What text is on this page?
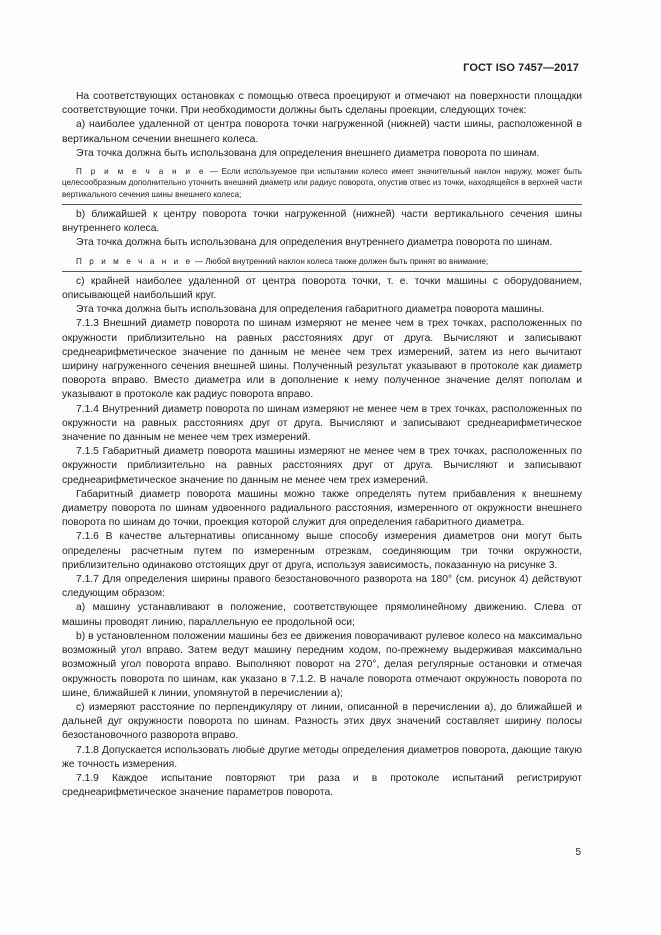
ГОСТ ISO 7457—2017

На соответствующих остановках с помощью отвеса проецируют и отмечают на поверхности площадки соответствующие точки. При необходимости должны быть сделаны проекции, следующих точек:

а) наиболее удаленной от центра поворота точки нагруженной (нижней) части шины, расположенной в вертикальном сечении внешнего колеса.

Эта точка должна быть использована для определения внешнего диаметра поворота по шинам.

П р и м е ч а н и е — Если используемое при испытании колесо имеет значительный наклон наружу, может быть целесообразным дополнительно уточнить внешний диаметр или радиус поворота, опустив отвес из точки, находящейся в верхней части вертикального сечения шины внешнего колеса;

b) ближайшей к центру поворота точки нагруженной (нижней) части вертикального сечения шины внутреннего колеса.

Эта точка должна быть использована для определения внутреннего диаметра поворота по шинам.

П р и м е ч а н и е — Любой внутренний наклон колеса также должен быть принят во внимание;

с) крайней наиболее удаленной от центра поворота точки, т. е. точки машины с оборудованием, описывающей наибольший круг.

Эта точка должна быть использована для определения габаритного диаметра поворота машины.

7.1.3 Внешний диаметр поворота по шинам измеряют не менее чем в трех точках, расположенных по окружности приблизительно на равных расстояниях друг от друга. Вычисляют и записывают среднеарифметическое значение по данным не менее чем трех измерений, затем из него вычитают ширину нагруженного сечения внешней шины. Полученный результат указывают в протоколе как диаметр поворота вправо. Вместо диаметра или в дополнение к нему полученное значение делят пополам и указывают в протоколе как радиус поворота вправо.

7.1.4 Внутренний диаметр поворота по шинам измеряют не менее чем в трех точках, расположенных по окружности на равных расстояниях друг от друга. Вычисляют и записывают среднеарифметическое значение по данным не менее чем трех измерений.

7.1.5 Габаритный диаметр поворота машины измеряют не менее чем в трех точках, расположенных по окружности приблизительно на равных расстояниях друг от друга. Вычисляют и записывают среднеарифметическое значение по данным не менее чем трех измерений.

Габаритный диаметр поворота машины можно также определять путем прибавления к внешнему диаметру поворота по шинам удвоенного радиального расстояния, измеренного от окружности внешнего поворота по шинам до точки, проекция которой служит для определения габаритного диаметра.

7.1.6 В качестве альтернативы описанному выше способу измерения диаметров они могут быть определены расчетным путем по измеренным отрезкам, соединяющим три точки окружности, приблизительно одинаково отстоящих друг от друга, используя зависимость, показанную на рисунке 3.

7.1.7 Для определения ширины правого безостановочного разворота на 180° (см. рисунок 4) действуют следующим образом:

а) машину устанавливают в положение, соответствующее прямолинейному движению. Слева от машины проводят линию, параллельную ее продольной оси;

b) в установленном положении машины без ее движения поворачивают рулевое колесо на максимально возможный угол вправо. Затем ведут машину передним ходом, по-прежнему выдерживая максимально возможный угол поворота вправо. Выполняют поворот на 270°, делая регулярные остановки и отмечая окружность поворота по шинам, как указано в 7.1.2. В начале поворота отмечают окружность поворота по шине, ближайшей к линии, упомянутой в перечислении а);

с) измеряют расстояние по перпендикуляру от линии, описанной в перечислении а), до ближайшей и дальней дуг окружности поворота по шинам. Разность этих двух значений составляет ширину полосы безостановочного разворота вправо.

7.1.8 Допускается использовать любые другие методы определения диаметров поворота, дающие такую же точность измерения.

7.1.9 Каждое испытание повторяют три раза и в протоколе испытаний регистрируют среднеарифметическое значение параметров поворота.

5
